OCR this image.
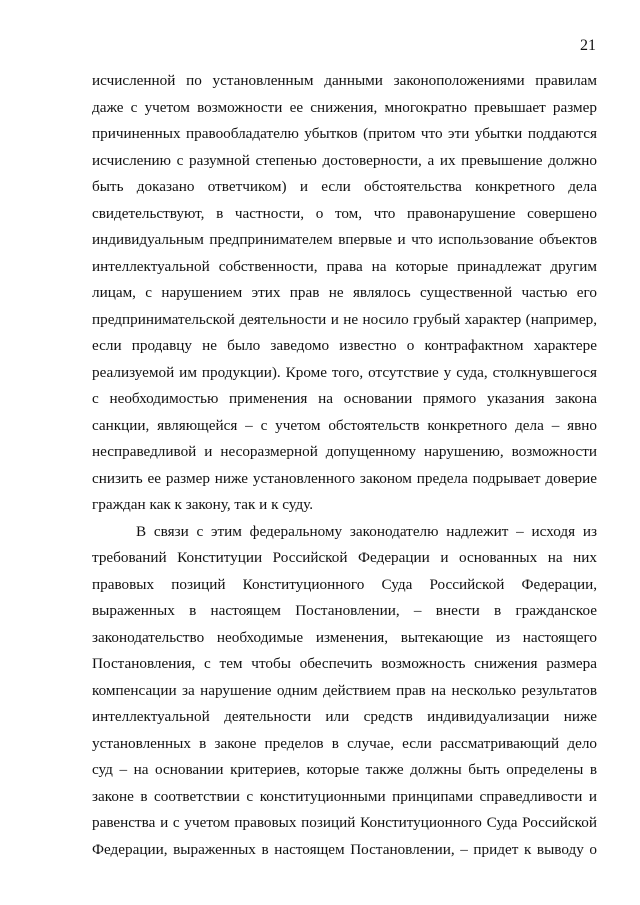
21
исчисленной по установленным данными законоположениями правилам
даже с учетом возможности ее снижения, многократно превышает размер
причиненных правообладателю убытков (притом что эти убытки поддаются
исчислению с разумной степенью достоверности, а их превышение должно
быть доказано ответчиком) и если обстоятельства конкретного дела
свидетельствуют, в частности, о том, что правонарушение совершено
индивидуальным предпринимателем впервые и что использование объектов
интеллектуальной собственности, права на которые принадлежат другим
лицам, с нарушением этих прав не являлось существенной частью его
предпринимательской деятельности и не носило грубый характер (например,
если продавцу не было заведомо известно о контрафактном характере
реализуемой им продукции). Кроме того, отсутствие у суда, столкнувшегося
с необходимостью применения на основании прямого указания закона
санкции, являющейся – с учетом обстоятельств конкретного дела – явно
несправедливой и несоразмерной допущенному нарушению, возможности
снизить ее размер ниже установленного законом предела подрывает доверие
граждан как к закону, так и к суду.
В связи с этим федеральному законодателю надлежит – исходя из
требований Конституции Российской Федерации и основанных на них
правовых позиций Конституционного Суда Российской Федерации,
выраженных в настоящем Постановлении, – внести в гражданское
законодательство необходимые изменения, вытекающие из настоящего
Постановления, с тем чтобы обеспечить возможность снижения размера
компенсации за нарушение одним действием прав на несколько результатов
интеллектуальной деятельности или средств индивидуализации ниже
установленных в законе пределов в случае, если рассматривающий дело
суд – на основании критериев, которые также должны быть определены в
законе в соответствии с конституционными принципами справедливости и
равенства и с учетом правовых позиций Конституционного Суда Российской
Федерации, выраженных в настоящем Постановлении, – придет к выводу о
